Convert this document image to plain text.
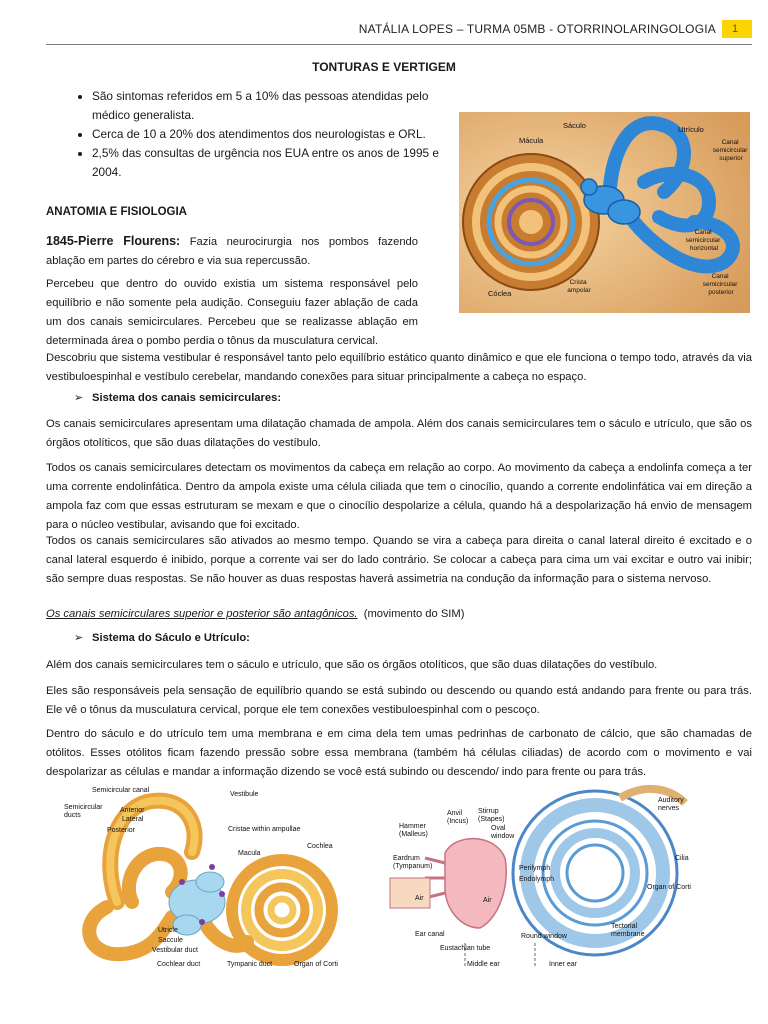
NATÁLIA LOPES – TURMA 05MB - OTORRINOLARINGOLOGIA	1
TONTURAS E VERTIGEM
• São sintomas referidos em 5 a 10% das pessoas atendidas pelo médico generalista.
• Cerca de 10 a 20% dos atendimentos dos neurologistas e ORL.
• 2,5% das consultas de urgência nos EUA entre os anos de 1995 e 2004.
ANATOMIA E FISIOLOGIA
1845-Pierre Flourens: Fazia neurocirurgia nos pombos fazendo ablação em partes do cérebro e via sua repercussão.
Percebeu que dentro do ouvido existia um sistema responsável pelo equilíbrio e não somente pela audição. Conseguiu fazer ablação de cada um dos canais semicirculares. Percebeu que se realizasse ablação em determinada área o pombo perdia o tônus da musculatura cervical.
Sáculo	Utrículo
Mácula	Canal semicircular superior
Canal semicircular horizontal
Canal semicircular posterior
Cóclea
Crista ampolar
Descobriu que sistema vestibular é responsável tanto pelo equilíbrio estático quanto dinâmico e que ele funciona o tempo todo, através da via vestibuloespinhal e vestíbulo cerebelar, mandando conexões para situar principalmente a cabeça no espaço.
➢ Sistema dos canais semicirculares:
Os canais semicirculares apresentam uma dilatação chamada de ampola. Além dos canais semicirculares tem o sáculo e utrículo, que são os órgãos otolíticos, que são duas dilatações do vestíbulo.
Todos os canais semicirculares detectam os movimentos da cabeça em relação ao corpo. Ao movimento da cabeça a endolinfa começa a ter uma corrente endolinfática. Dentro da ampola existe uma célula ciliada que tem o cinocílio, quando a corrente endolinfática vai em direção a ampola faz com que essas estruturam se mexam e que o cinocílio despolarize a célula, quando há a despolarização há envio de mensagem para o núcleo vestibular, avisando que foi excitado.
Todos os canais semicirculares são ativados ao mesmo tempo. Quando se vira a cabeça para direita o canal lateral direito é excitado e o canal lateral esquerdo é inibido, porque a corrente vai ser do lado contrário. Se colocar a cabeça para cima um vai excitar e outro vai inibir; são sempre duas respostas. Se não houver as duas respostas haverá assimetria na condução da informação para o sistema nervoso.
Os canais semicirculares superior e posterior são antagônicos. (movimento do SIM)
➢ Sistema do Sáculo e Utrículo:
Além dos canais semicirculares tem o sáculo e utrículo, que são os órgãos otolíticos, que são duas dilatações do vestíbulo.
Eles são responsáveis pela sensação de equilíbrio quando se está subindo ou descendo ou quando está andando para frente ou para trás. Ele vê o tônus da musculatura cervical, porque ele tem conexões vestibuloespinhal com o pescoço.
Dentro do sáculo e do utrículo tem uma membrana e em cima dela tem umas pedrinhas de carbonato de cálcio, que são chamadas de otólitos. Esses otólitos ficam fazendo pressão sobre essa membrana (também há células ciliadas) de acordo com o movimento e vai despolarizar as células e mandar a informação dizendo se você está subindo ou descendo/ indo para frente ou para trás.
Semicircular canal
Vestibule
Semicircular ducts
Anterior
Lateral
Posterior	Cristae within ampullae
Macula
Cochlea
Utricle
Saccule
Vestibular duct
Cochlear duct	Tympanic duct	Organ of Corti
Anvil (Incus)
Stirrup (Stapes)
Hammer (Malleus)
Oval window
Auditory nerves
Eardrum (Tympanum)
Cilia
Perilymph
Endolymph
Air	Air
Organ of Corti
Tectorial membrane
Ear canal	Round window
Eustachian tube
Middle ear	Inner ear
